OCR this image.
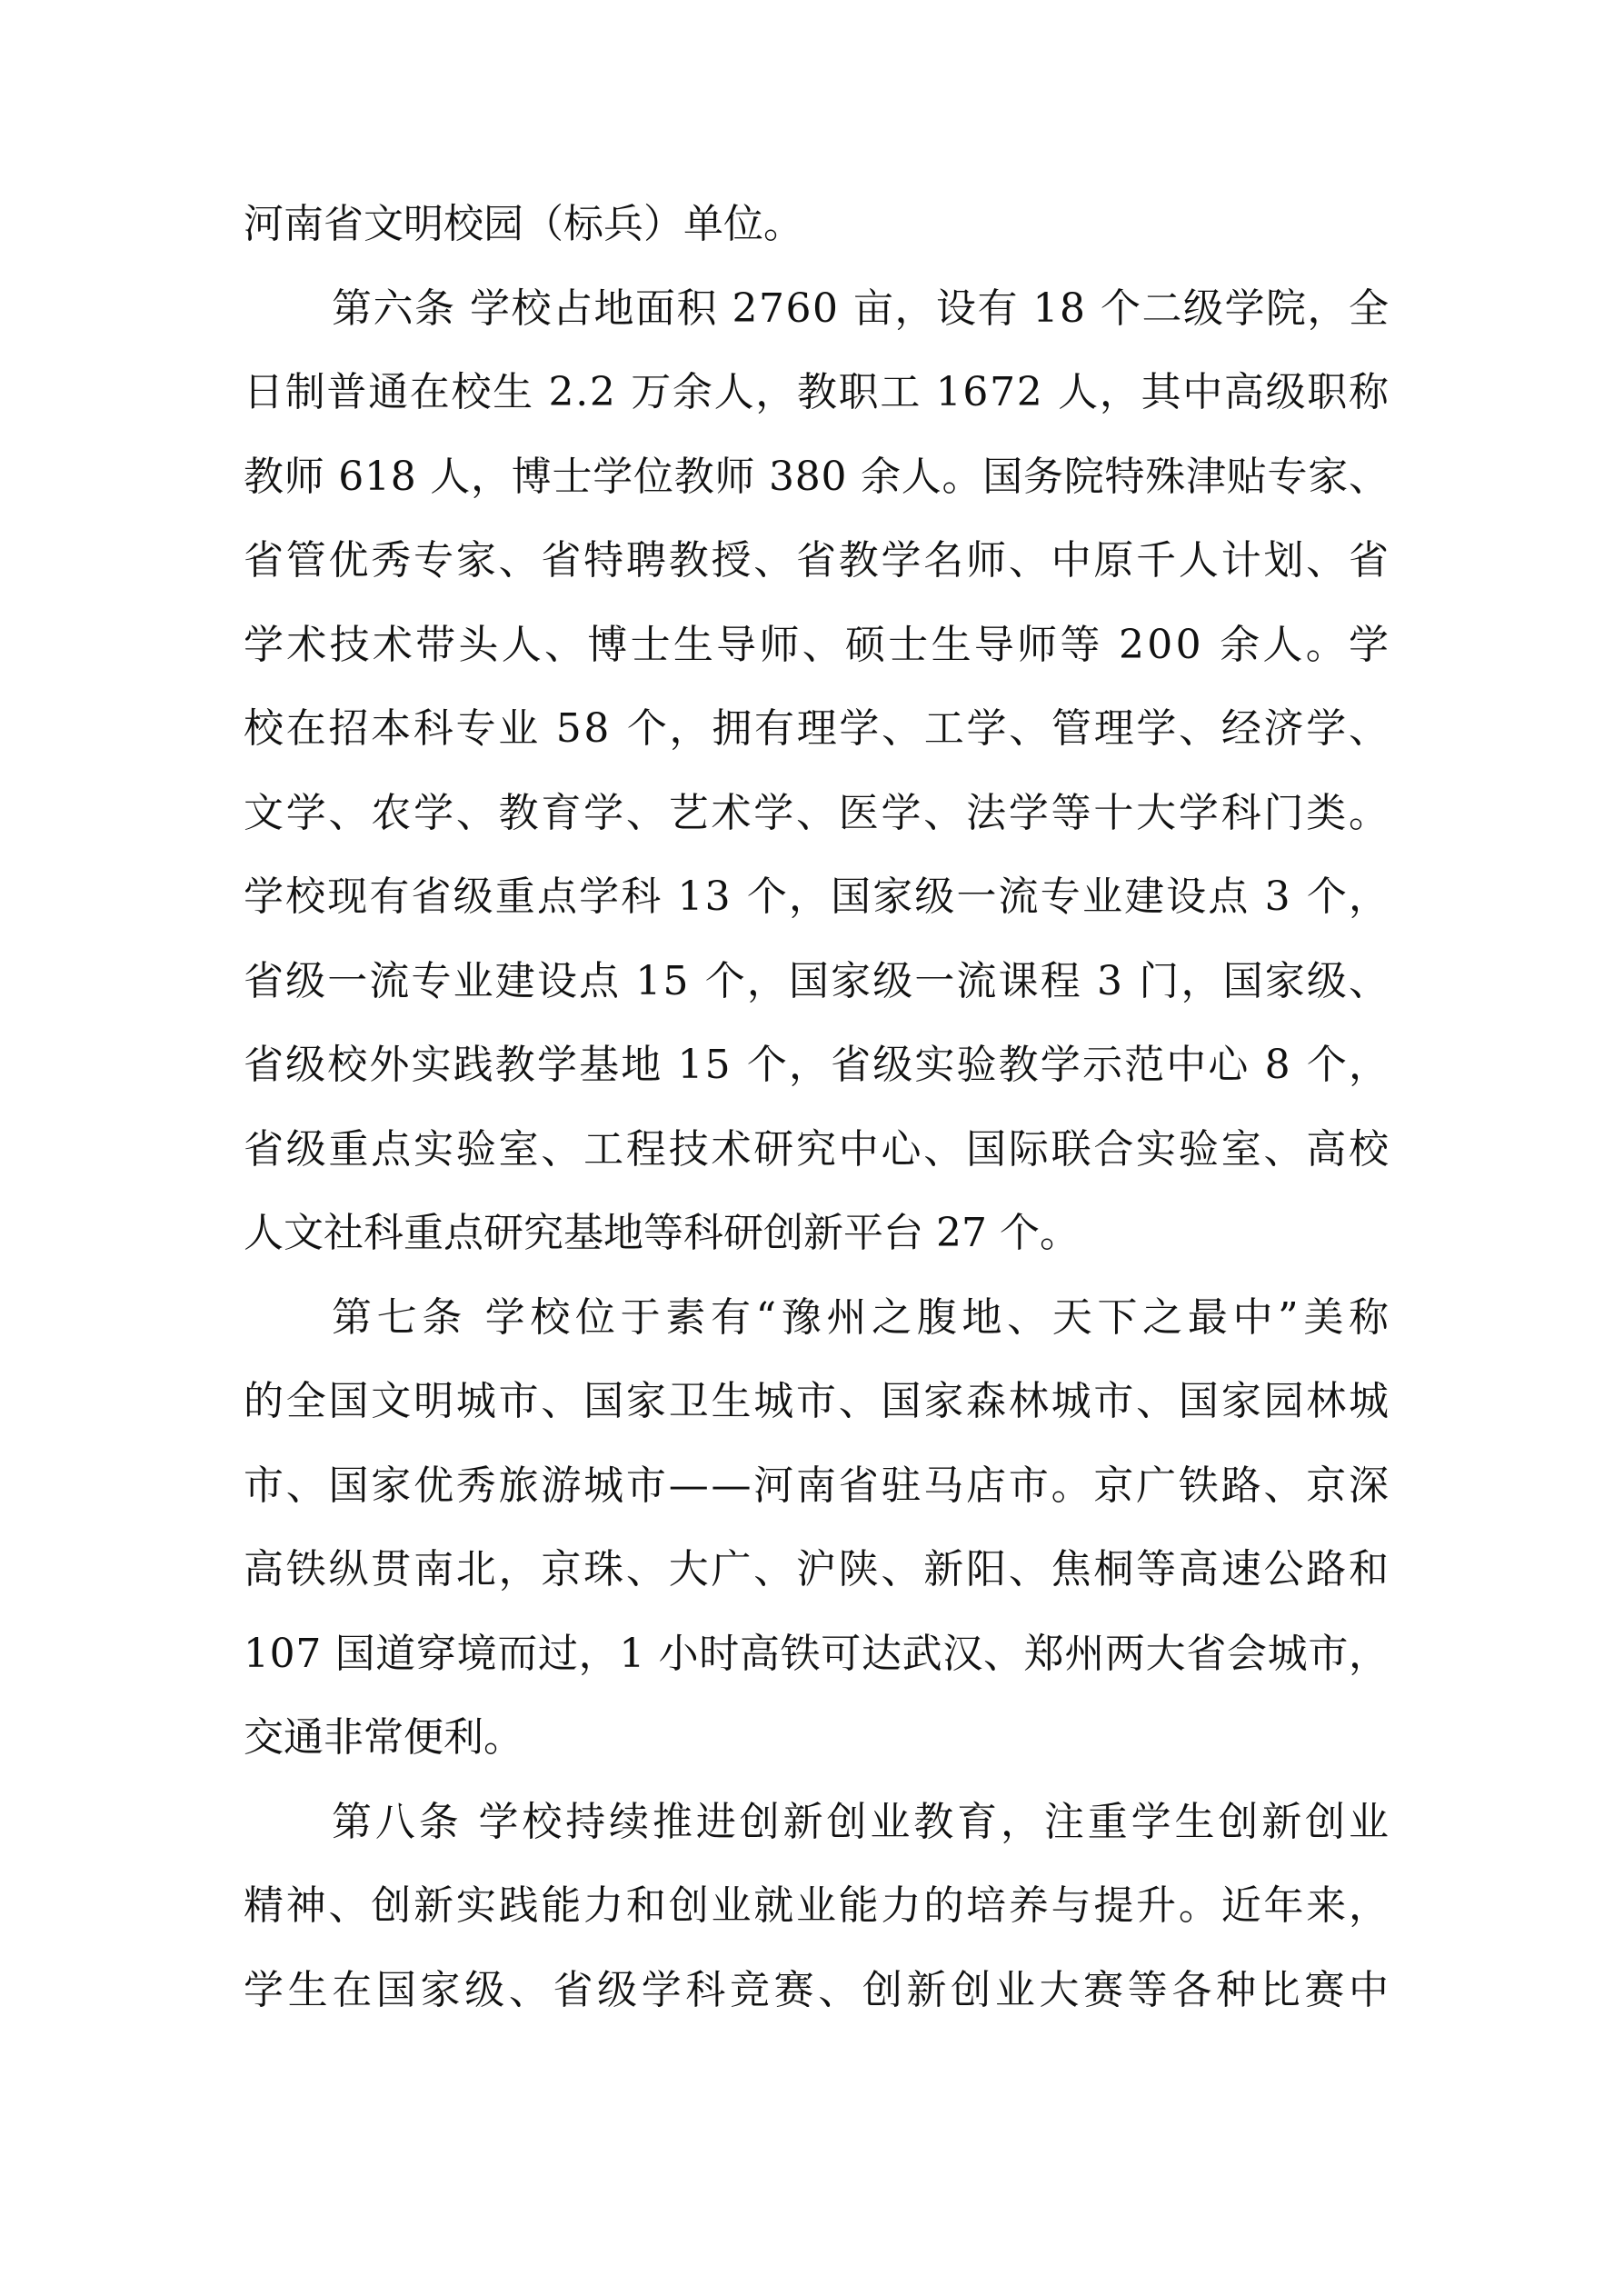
河南省文明校园（标兵）单位。

第六条 学校占地面积 2760 亩，设有 18 个二级学院，全

日制普通在校生 2.2 万余人，教职工 1672 人，其中高级职称

教师 618 人，博士学位教师 380 余人。国务院特殊津贴专家、

省管优秀专家、省特聘教授、省教学名师、中原千人计划、省

学术技术带头人、博士生导师、硕士生导师等 200 余人。学

校在招本科专业 58 个，拥有理学、工学、管理学、经济学、

文学、农学、教育学、艺术学、医学、法学等十大学科门类。

学校现有省级重点学科 13 个，国家级一流专业建设点 3 个，

省级一流专业建设点 15 个，国家级一流课程 3 门，国家级、

省级校外实践教学基地 15 个，省级实验教学示范中心 8 个，

省级重点实验室、工程技术研究中心、国际联合实验室、高校

人文社科重点研究基地等科研创新平台 27 个。

第七条 学校位于素有“豫州之腹地、天下之最中”美称

的全国文明城市、国家卫生城市、国家森林城市、国家园林城

市、国家优秀旅游城市——河南省驻马店市。京广铁路、京深

高铁纵贯南北，京珠、大广、沪陕、新阳、焦桐等高速公路和

107 国道穿境而过，1 小时高铁可达武汉、郑州两大省会城市，

交通非常便利。

第八条 学校持续推进创新创业教育，注重学生创新创业

精神、创新实践能力和创业就业能力的培养与提升。近年来，

学生在国家级、省级学科竞赛、创新创业大赛等各种比赛中
